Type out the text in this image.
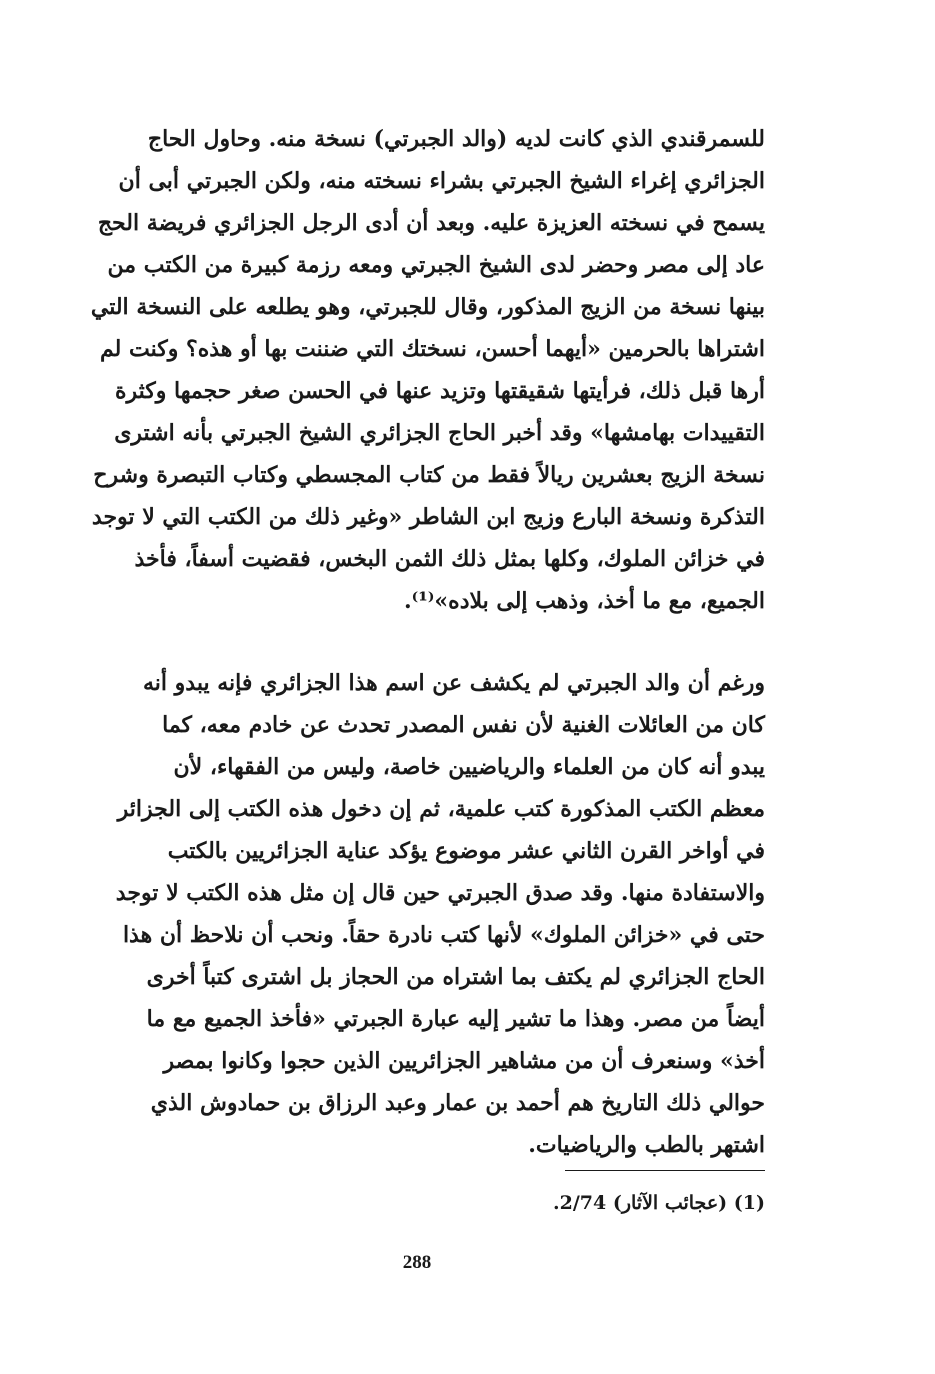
للسمرقندي الذي كانت لديه (والد الجبرتي) نسخة منه. وحاول الحاج
الجزائري إغراء الشيخ الجبرتي بشراء نسخته منه، ولكن الجبرتي أبى أن
يسمح في نسخته العزيزة عليه. وبعد أن أدى الرجل الجزائري فريضة الحج
عاد إلى مصر وحضر لدى الشيخ الجبرتي ومعه رزمة كبيرة من الكتب من
بينها نسخة من الزيج المذكور، وقال للجبرتي، وهو يطلعه على النسخة التي
اشتراها بالحرمين «أيهما أحسن، نسختك التي ضننت بها أو هذه؟ وكنت لم
أرها قبل ذلك، فرأيتها شقيقتها وتزيد عنها في الحسن صغر حجمها وكثرة
التقييدات بهامشها» وقد أخبر الحاج الجزائري الشيخ الجبرتي بأنه اشترى
نسخة الزيج بعشرين ريالاً فقط من كتاب المجسطي وكتاب التبصرة وشرح
التذكرة ونسخة البارع وزيج ابن الشاطر «وغير ذلك من الكتب التي لا توجد
في خزائن الملوك، وكلها بمثل ذلك الثمن البخس، فقضيت أسفاً، فأخذ
الجميع، مع ما أخذ، وذهب إلى بلاده»⁽¹⁾.
ورغم أن والد الجبرتي لم يكشف عن اسم هذا الجزائري فإنه يبدو أنه
كان من العائلات الغنية لأن نفس المصدر تحدث عن خادم معه، كما
يبدو أنه كان من العلماء والرياضيين خاصة، وليس من الفقهاء، لأن
معظم الكتب المذكورة كتب علمية، ثم إن دخول هذه الكتب إلى الجزائر
في أواخر القرن الثاني عشر موضوع يؤكد عناية الجزائريين بالكتب
والاستفادة منها. وقد صدق الجبرتي حين قال إن مثل هذه الكتب لا توجد
حتى في «خزائن الملوك» لأنها كتب نادرة حقاً. ونحب أن نلاحظ أن هذا
الحاج الجزائري لم يكتف بما اشتراه من الحجاز بل اشترى كتباً أخرى
أيضاً من مصر. وهذا ما تشير إليه عبارة الجبرتي «فأخذ الجميع مع ما
أخذ» وسنعرف أن من مشاهير الجزائريين الذين حجوا وكانوا بمصر
حوالي ذلك التاريخ هم أحمد بن عمار وعبد الرزاق بن حمادوش الذي
اشتهر بالطب والرياضيات.
(1) (عجائب الآثار) 2/74.
288
